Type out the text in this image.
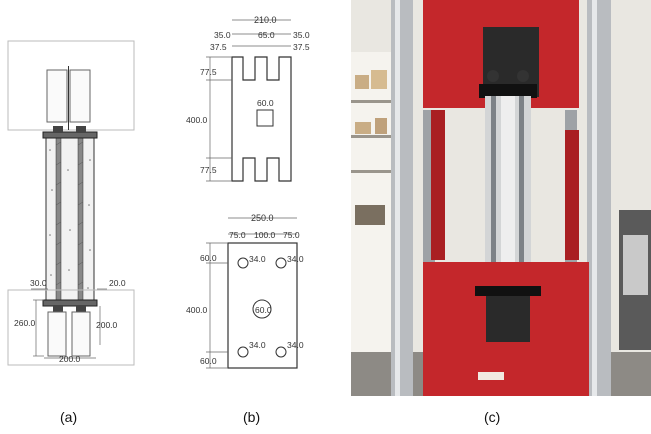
30.0	20.0
260.0	200.0
200.0
210.0
35.0	65.0 35.0
37.5	37.5
77.5
400.0
60.0
77.5
250.0
75.0 100.0 75.0
60.0
400.0
60.0
34.0	34.0
60.0
34.0	34.0
(a)	(b)	(c)
